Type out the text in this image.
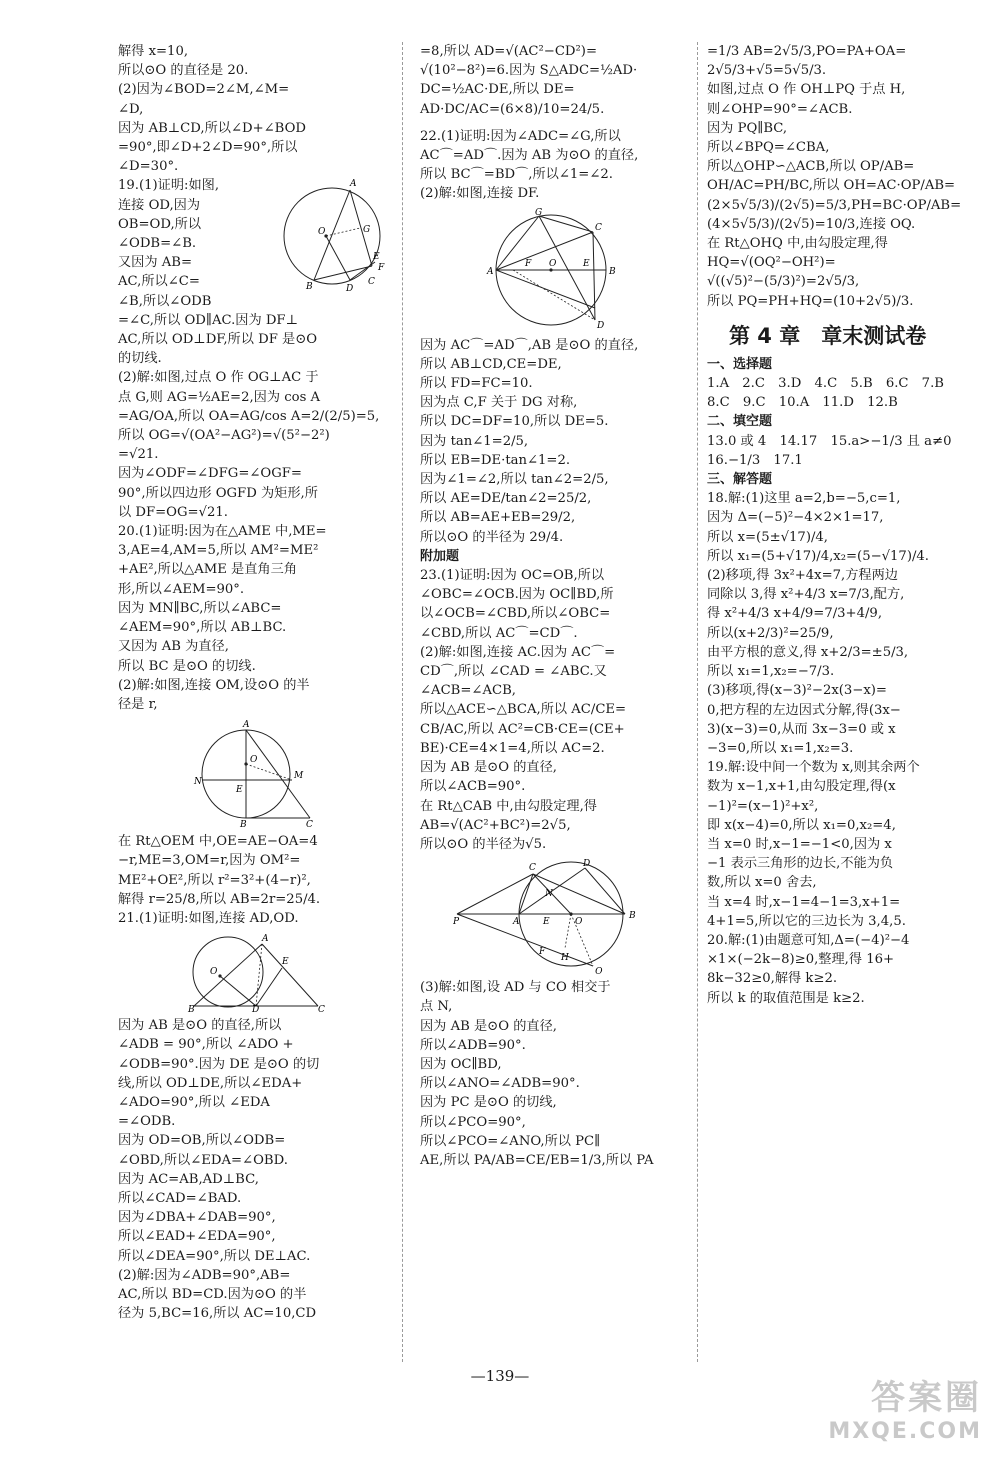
解得 x=10,

所以⊙O 的直径是 20.

(2)因为∠BOD=2∠M,∠M=

∠D,

因为 AB⊥CD,所以∠D+∠BOD

=90°,即∠D+2∠D=90°,所以

∠D=30°.

A
O	G
E
F
B	D
C

19.(1)证明:如图,

连接 OD,因为

OB=OD,所以

∠ODB=∠B.

又因为 AB=

AC,所以∠C=

∠B,所以∠ODB

=∠C,所以 OD∥AC.因为 DF⊥

AC,所以 OD⊥DF,所以 DF 是⊙O

的切线.

(2)解:如图,过点 O 作 OG⊥AC 于

点 G,则 AG=½AE=2,因为 cos A

=AG/OA,所以 OA=AG/cos A=2/(2/5)=5,

所以 OG=√(OA²−AG²)=√(5²−2²)

=√21.

因为∠ODF=∠DFG=∠OGF=

90°,所以四边形 OGFD 为矩形,所

以 DF=OG=√21.

20.(1)证明:因为在△AME 中,ME=

3,AE=4,AM=5,所以 AM²=ME²

+AE²,所以△AME 是直角三角

形,所以∠AEM=90°.

因为 MN∥BC,所以∠ABC=

∠AEM=90°,所以 AB⊥BC.

又因为 AB 为直径,

所以 BC 是⊙O 的切线.

(2)解:如图,连接 OM,设⊙O 的半

径是 r,

A
O
N
E
M
B	C

在 Rt△OEM 中,OE=AE−OA=4

−r,ME=3,OM=r,因为 OM²=

ME²+OE²,所以 r²=3²+(4−r)²,

解得 r=25/8,所以 AB=2r=25/4.

21.(1)证明:如图,连接 AD,OD.

A
O
E
B	D	C

因为 AB 是⊙O 的直径,所以

∠ADB = 90°,所以 ∠ADO +

∠ODB=90°.因为 DE 是⊙O 的切

线,所以 OD⊥DE,所以∠EDA+

∠ADO=90°,所以 ∠EDA

=∠ODB.

因为 OD=OB,所以∠ODB=

∠OBD,所以∠EDA=∠OBD.

因为 AC=AB,AD⊥BC,

所以∠CAD=∠BAD.

因为∠DBA+∠DAB=90°,

所以∠EAD+∠EDA=90°,

所以∠DEA=90°,所以 DE⊥AC.

(2)解:因为∠ADB=90°,AB=

AC,所以 BD=CD.因为⊙O 的半

径为 5,BC=16,所以 AC=10,CD

=8,所以 AD=√(AC²−CD²)=

√(10²−8²)=6.因为 S△ADC=½AD·

DC=½AC·DE,所以 DE=

AD·DC/AC=(6×8)/10=24/5.

22.(1)证明:因为∠ADC=∠G,所以

AC⌒=AD⌒.因为 AB 为⊙O 的直径,

所以 BC⌒=BD⌒,所以∠1=∠2.

(2)解:如图,连接 DF.

G
C
A	B
F O	E
D

因为 AC⌒=AD⌒,AB 是⊙O 的直径,

所以 AB⊥CD,CE=DE,

所以 FD=FC=10.

因为点 C,F 关于 DG 对称,

所以 DC=DF=10,所以 DE=5.

因为 tan∠1=2/5,

所以 EB=DE·tan∠1=2.

因为∠1=∠2,所以 tan∠2=2/5,

所以 AE=DE/tan∠2=25/2,

所以 AB=AE+EB=29/2,

所以⊙O 的半径为 29/4.

附加题

23.(1)证明:因为 OC=OB,所以

∠OBC=∠OCB.因为 OC∥BD,所

以∠OCB=∠CBD,所以∠OBC=

∠CBD,所以 AC⌒=CD⌒.

(2)解:如图,连接 AC.因为 AC⌒=

CD⌒,所以 ∠CAD = ∠ABC.又

∠ACB=∠ACB,

所以△ACE∽△BCA,所以 AC/CE=

CB/AC,所以 AC²=CB·CE=(CE+

BE)·CE=4×1=4,所以 AC=2.

因为 AB 是⊙O 的直径,

所以∠ACB=90°.

在 Rt△CAB 中,由勾股定理,得

AB=√(AC²+BC²)=2√5,

所以⊙O 的半径为√5.

C	D
P	A
N
E	O
B
F
H
Q

(3)解:如图,设 AD 与 CO 相交于

点 N,

因为 AB 是⊙O 的直径,

所以∠ADB=90°.

因为 OC∥BD,

所以∠ANO=∠ADB=90°.

因为 PC 是⊙O 的切线,

所以∠PCO=90°,

所以∠PCO=∠ANO,所以 PC∥

AE,所以 PA/AB=CE/EB=1/3,所以 PA

=1/3 AB=2√5/3,PO=PA+OA=

2√5/3+√5=5√5/3.

如图,过点 O 作 OH⊥PQ 于点 H,

则∠OHP=90°=∠ACB.

因为 PQ∥BC,

所以∠BPQ=∠CBA,

所以△OHP∽△ACB,所以 OP/AB=

OH/AC=PH/BC,所以 OH=AC·OP/AB=

(2×5√5/3)/(2√5)=5/3,PH=BC·OP/AB=

(4×5√5/3)/(2√5)=10/3,连接 OQ.

在 Rt△OHQ 中,由勾股定理,得

HQ=√(OQ²−OH²)=

√((√5)²−(5/3)²)=2√5/3,

所以 PQ=PH+HQ=(10+2√5)/3.

第 4 章　章末测试卷

一、选择题

1.A　2.C　3.D　4.C　5.B　6.C　7.B

8.C　9.C　10.A　11.D　12.B

二、填空题

13.0 或 4　14.17　15.a>−1/3 且 a≠0

16.−1/3　17.1

三、解答题

18.解:(1)这里 a=2,b=−5,c=1,

因为 Δ=(−5)²−4×2×1=17,

所以 x=(5±√17)/4,

所以 x₁=(5+√17)/4,x₂=(5−√17)/4.

(2)移项,得 3x²+4x=7,方程两边

同除以 3,得 x²+4/3 x=7/3,配方,

得 x²+4/3 x+4/9=7/3+4/9,

所以(x+2/3)²=25/9,

由平方根的意义,得 x+2/3=±5/3,

所以 x₁=1,x₂=−7/3.

(3)移项,得(x−3)²−2x(3−x)=

0,把方程的左边因式分解,得(3x−

3)(x−3)=0,从而 3x−3=0 或 x

−3=0,所以 x₁=1,x₂=3.

19.解:设中间一个数为 x,则其余两个

数为 x−1,x+1,由勾股定理,得(x

−1)²=(x−1)²+x²,

即 x(x−4)=0,所以 x₁=0,x₂=4,

当 x=0 时,x−1=−1<0,因为 x

−1 表示三角形的边长,不能为负

数,所以 x=0 舍去,

当 x=4 时,x−1=4−1=3,x+1=

4+1=5,所以它的三边长为 3,4,5.

20.解:(1)由题意可知,Δ=(−4)²−4

×1×(−2k−8)≥0,整理,得 16+

8k−32≥0,解得 k≥2.

所以 k 的取值范围是 k≥2.

—139—
答案圈
MXQE.COM
